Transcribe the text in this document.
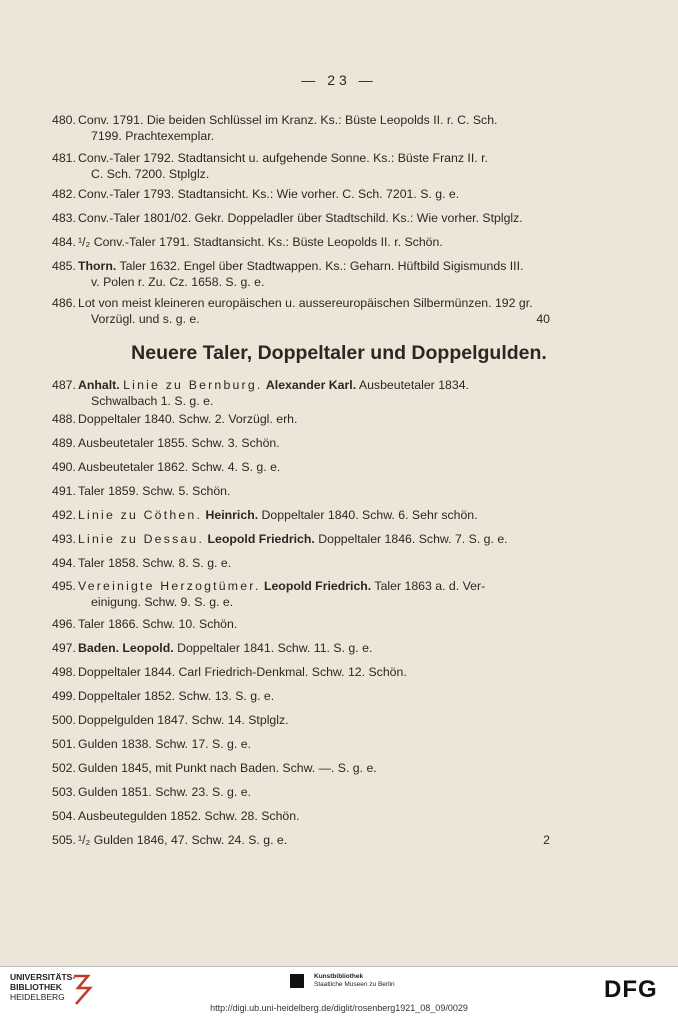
— 23 —
Neuere Taler, Doppeltaler und Doppelgulden.
480. Conv. 1791. Die beiden Schlüssel im Kranz. Ks.: Büste Leopolds II. r. C. Sch.
7199. Prachtexemplar.
481. Conv.-Taler 1792. Stadtansicht u. aufgehende Sonne. Ks.: Büste Franz II. r.
C. Sch. 7200. Stplglz.
482. Conv.-Taler 1793. Stadtansicht. Ks.: Wie vorher. C. Sch. 7201. S. g. e.
483. Conv.-Taler 1801/02. Gekr. Doppeladler über Stadtschild. Ks.: Wie vorher. Stplglz.
484. ¹/₂ Conv.-Taler 1791. Stadtansicht. Ks.: Büste Leopolds II. r. Schön.
485. Thorn. Taler 1632. Engel über Stadtwappen. Ks.: Geharn. Hüftbild Sigismunds III.
v. Polen r. Zu. Cz. 1658. S. g. e.
486. Lot von meist kleineren europäischen u. aussereuropäischen Silbermünzen. 192 gr.
Vorzügl. und s. g. e.	40
487. Anhalt. Linie zu Bernburg. Alexander Karl. Ausbeutetaler 1834.
Schwalbach 1. S. g. e.
488. Doppeltaler 1840. Schw. 2. Vorzügl. erh.
489. Ausbeutetaler 1855. Schw. 3. Schön.
490. Ausbeutetaler 1862. Schw. 4. S. g. e.
491. Taler 1859. Schw. 5. Schön.
492. Linie zu Cöthen. Heinrich. Doppeltaler 1840. Schw. 6. Sehr schön.
493. Linie zu Dessau. Leopold Friedrich. Doppeltaler 1846. Schw. 7. S. g. e.
494. Taler 1858. Schw. 8. S. g. e.
495. Vereinigte Herzogtümer. Leopold Friedrich. Taler 1863 a. d. Ver-
einigung. Schw. 9. S. g. e.
496. Taler 1866. Schw. 10. Schön.
497. Baden. Leopold. Doppeltaler 1841. Schw. 11. S. g. e.
498. Doppeltaler 1844. Carl Friedrich-Denkmal. Schw. 12. Schön.
499. Doppeltaler 1852. Schw. 13. S. g. e.
500. Doppelgulden 1847. Schw. 14. Stplglz.
501. Gulden 1838. Schw. 17. S. g. e.
502. Gulden 1845, mit Punkt nach Baden. Schw. —. S. g. e.
503. Gulden 1851. Schw. 23. S. g. e.
504. Ausbeutegulden 1852. Schw. 28. Schön.
505. ¹/₂ Gulden 1846, 47. Schw. 24. S. g. e.	2
UNIVERSITÄTS-
BIBLIOTHEK
HEIDELBERG
Kunstbibliothek
Staatliche Museen zu Berlin	DFG
http://digi.ub.uni-heidelberg.de/diglit/rosenberg1921_08_09/0029
